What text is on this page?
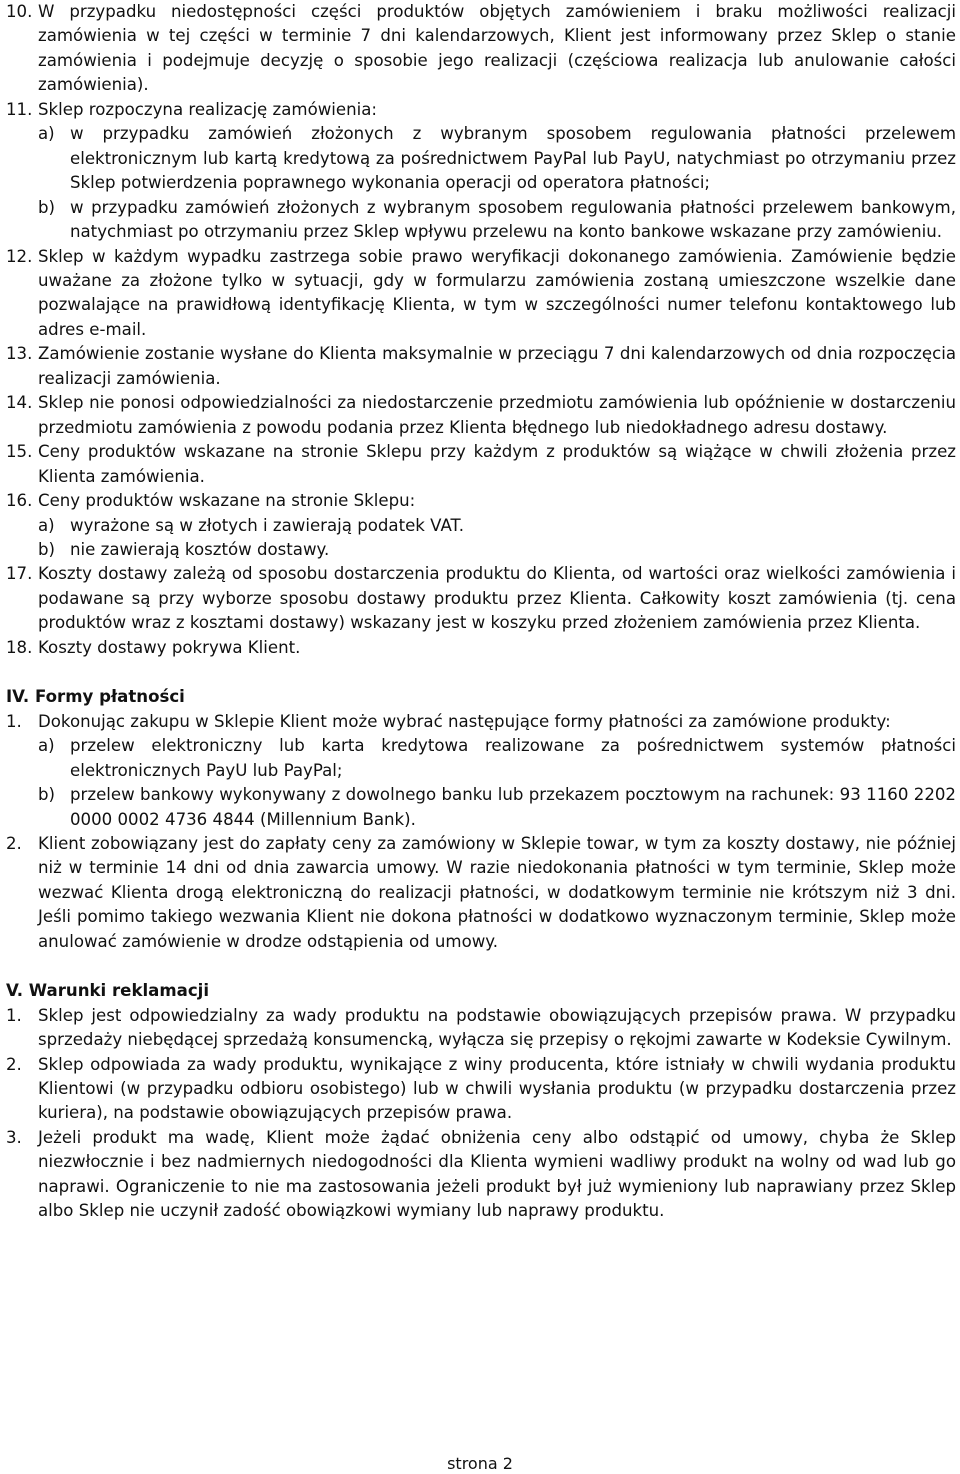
10. W przypadku niedostępności części produktów objętych zamówieniem i braku możliwości realizacji zamówienia w tej części w terminie 7 dni kalendarzowych, Klient jest informowany przez Sklep o stanie zamówienia i podejmuje decyzję o sposobie jego realizacji (częściowa realizacja lub anulowanie całości zamówienia).
11. Sklep rozpoczyna realizację zamówienia:
a) w przypadku zamówień złożonych z wybranym sposobem regulowania płatności przelewem elektronicznym lub kartą kredytową za pośrednictwem PayPal lub PayU, natychmiast po otrzymaniu przez Sklep potwierdzenia poprawnego wykonania operacji od operatora płatności;
b) w przypadku zamówień złożonych z wybranym sposobem regulowania płatności przelewem bankowym, natychmiast po otrzymaniu przez Sklep wpływu przelewu na konto bankowe wskazane przy zamówieniu.
12. Sklep w każdym wypadku zastrzega sobie prawo weryfikacji dokonanego zamówienia. Zamówienie będzie uważane za złożone tylko w sytuacji, gdy w formularzu zamówienia zostaną umieszczone wszelkie dane pozwalające na prawidłową identyfikację Klienta, w tym w szczególności numer telefonu kontaktowego lub adres e-mail.
13. Zamówienie zostanie wysłane do Klienta maksymalnie w przeciągu 7 dni kalendarzowych od dnia rozpoczęcia realizacji zamówienia.
14. Sklep nie ponosi odpowiedzialności za niedostarczenie przedmiotu zamówienia lub opóźnienie w dostarczeniu przedmiotu zamówienia z powodu podania przez Klienta błędnego lub niedokładnego adresu dostawy.
15. Ceny produktów wskazane na stronie Sklepu przy każdym z produktów są wiążące w chwili złożenia przez Klienta zamówienia.
16. Ceny produktów wskazane na stronie Sklepu:
a) wyrażone są w złotych i zawierają podatek VAT.
b) nie zawierają kosztów dostawy.
17. Koszty dostawy zależą od sposobu dostarczenia produktu do Klienta, od wartości oraz wielkości zamówienia i podawane są przy wyborze sposobu dostawy produktu przez Klienta. Całkowity koszt zamówienia (tj. cena produktów wraz z kosztami dostawy) wskazany jest w koszyku przed złożeniem zamówienia przez Klienta.
18. Koszty dostawy pokrywa Klient.
IV. Formy płatności
1. Dokonując zakupu w Sklepie Klient może wybrać następujące formy płatności za zamówione produkty:
a) przelew elektroniczny lub karta kredytowa realizowane za pośrednictwem systemów płatności elektronicznych PayU lub PayPal;
b) przelew bankowy wykonywany z dowolnego banku lub przekazem pocztowym na rachunek: 93 1160 2202 0000 0002 4736 4844 (Millennium Bank).
2. Klient zobowiązany jest do zapłaty ceny za zamówiony w Sklepie towar, w tym za koszty dostawy, nie później niż w terminie 14 dni od dnia zawarcia umowy. W razie niedokonania płatności w tym terminie, Sklep może wezwać Klienta drogą elektroniczną do realizacji płatności, w dodatkowym terminie nie krótszym niż 3 dni. Jeśli pomimo takiego wezwania Klient nie dokona płatności w dodatkowo wyznaczonym terminie, Sklep może anulować zamówienie w drodze odstąpienia od umowy.
V. Warunki reklamacji
1. Sklep jest odpowiedzialny za wady produktu na podstawie obowiązujących przepisów prawa. W przypadku sprzedaży niebędącej sprzedażą konsumencką, wyłącza się przepisy o rękojmi zawarte w Kodeksie Cywilnym.
2. Sklep odpowiada za wady produktu, wynikające z winy producenta, które istniały w chwili wydania produktu Klientowi (w przypadku odbioru osobistego) lub w chwili wysłania produktu (w przypadku dostarczenia przez kuriera), na podstawie obowiązujących przepisów prawa.
3. Jeżeli produkt ma wadę, Klient może żądać obniżenia ceny albo odstąpić od umowy, chyba że Sklep niezwłocznie i bez nadmiernych niedogodności dla Klienta wymieni wadliwy produkt na wolny od wad lub go naprawi. Ograniczenie to nie ma zastosowania jeżeli produkt był już wymieniony lub naprawiany przez Sklep albo Sklep nie uczynił zadość obowiązkowi wymiany lub naprawy produktu.
strona 2
